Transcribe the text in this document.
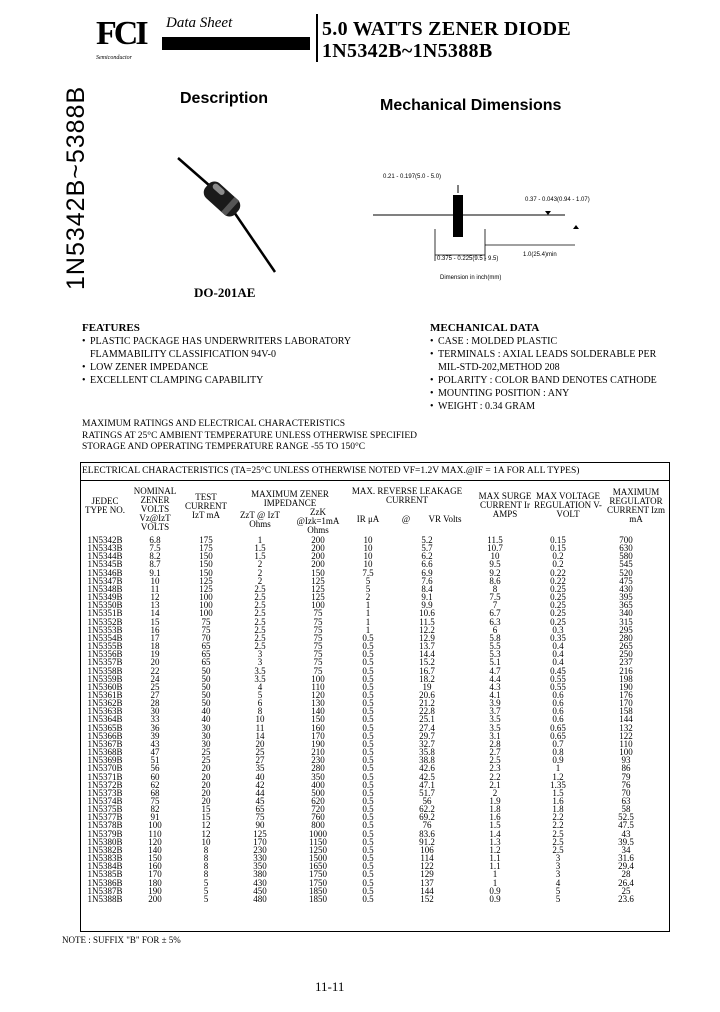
FCI
Semiconductor
Data Sheet	5.0 WATTS ZENER DIODE
1N5342B~1N5388B
1N5342B~5388B	Description	Mechanical Dimensions
DO-201AE
0.21 - 0.197(5.0 - 5.0)
0.37 - 0.043(0.94 - 1.07)
0.375 - 0.225(9.5 - 9.5)
1.0(25.4)min
Dimension in inch(mm)
FEATURES
• PLASTIC PACKAGE HAS UNDERWRITERS LABORATORY
FLAMMABILITY CLASSIFICATION 94V-0
• LOW ZENER IMPEDANCE
• EXCELLENT CLAMPING CAPABILITY
MECHANICAL DATA
• CASE : MOLDED PLASTIC
• TERMINALS : AXIAL LEADS SOLDERABLE PER
MIL-STD-202,METHOD 208
• POLARITY : COLOR BAND DENOTES CATHODE
• MOUNTING POSITION : ANY
• WEIGHT : 0.34 GRAM
MAXIMUM RATINGS AND ELECTRICAL CHARACTERISTICS
RATINGS AT 25°C AMBIENT TEMPERATURE UNLESS OTHERWISE SPECIFIED
STORAGE AND OPERATING TEMPERATURE RANGE -55 TO 150°C
ELECTRICAL CHARACTERISTICS (TA=25°C UNLESS OTHERWISE NOTED VF=1.2V MAX.@IF = 1A FOR ALL TYPES)
JEDEC TYPE NO.
NOMINAL ZENER VOLTS Vz@IzT VOLTS
TEST CURRENT IzT mA
MAXIMUM ZENER IMPEDANCE
ZzT @ IzT Ohms
ZzK @Izk=1mA Ohms
MAX. REVERSE LEAKAGE CURRENT
IR μA	@	VR Volts
MAX SURGE CURRENT Ir AMPS
MAX VOLTAGE REGULATION V-VOLT
MAXIMUM REGULATOR CURRENT Izm mA
1N5342B	6.8	175	1	200	10	5.2	11.5	0.15	700
1N5343B	7.5	175	1.5	200	10	5.7	10.7	0.15	630
1N5344B	8.2	150	1.5	200	10	6.2	10	0.2	580
1N5345B	8.7	150	2	200	10	6.6	9.5	0.2	545
1N5346B	9.1	150	2	150	7.5	6.9	9.2	0.22	520
1N5347B	10	125	2	125	5	7.6	8.6	0.22	475
1N5348B	11	125	2.5	125	5	8.4	8	0.25	430
1N5349B	12	100	2.5	125	2	9.1	7.5	0.25	395
1N5350B	13	100	2.5	100	1	9.9	7	0.25	365
1N5351B	14	100	2.5	75	1	10.6	6.7	0.25	340
1N5352B	15	75	2.5	75	1	11.5	6.3	0.25	315
1N5353B	16	75	2.5	75	1	12.2	6	0.3	295
1N5354B	17	70	2.5	75	0.5	12.9	5.8	0.35	280
1N5355B	18	65	2.5	75	0.5	13.7	5.5	0.4	265
1N5356B	19	65	3	75	0.5	14.4	5.3	0.4	250
1N5357B	20	65	3	75	0.5	15.2	5.1	0.4	237
1N5358B	22	50	3.5	75	0.5	16.7	4.7	0.45	216
1N5359B	24	50	3.5	100	0.5	18.2	4.4	0.55	198
1N5360B	25	50	4	110	0.5	19	4.3	0.55	190
1N5361B	27	50	5	120	0.5	20.6	4.1	0.6	176
1N5362B	28	50	6	130	0.5	21.2	3.9	0.6	170
1N5363B	30	40	8	140	0.5	22.8	3.7	0.6	158
1N5364B	33	40	10	150	0.5	25.1	3.5	0.6	144
1N5365B	36	30	11	160	0.5	27.4	3.5	0.65	132
1N5366B	39	30	14	170	0.5	29.7	3.1	0.65	122
1N5367B	43	30	20	190	0.5	32.7	2.8	0.7	110
1N5368B	47	25	25	210	0.5	35.8	2.7	0.8	100
1N5369B	51	25	27	230	0.5	38.8	2.5	0.9	93
1N5370B	56	20	35	280	0.5	42.6	2.3	1	86
1N5371B	60	20	40	350	0.5	42.5	2.2	1.2	79
1N5372B	62	20	42	400	0.5	47.1	2.1	1.35	76
1N5373B	68	20	44	500	0.5	51.7	2	1.5	70
1N5374B	75	20	45	620	0.5	56	1.9	1.6	63
1N5375B	82	15	65	720	0.5	62.2	1.8	1.8	58
1N5377B	91	15	75	760	0.5	69.2	1.6	2.2	52.5
1N5378B	100	12	90	800	0.5	76	1.5	2.2	47.5
1N5379B	110	12	125	1000	0.5	83.6	1.4	2.5	43
1N5380B	120	10	170	1150	0.5	91.2	1.3	2.5	39.5
1N5382B	140	8	230	1250	0.5	106	1.2	2.5	34
1N5383B	150	8	330	1500	0.5	114	1.1	3	31.6
1N5384B	160	8	350	1650	0.5	122	1.1	3	29.4
1N5385B	170	8	380	1750	0.5	129	1	3	28
1N5386B	180	5	430	1750	0.5	137	1	4	26.4
1N5387B	190	5	450	1850	0.5	144	0.9	5	25
1N5388B	200	5	480	1850	0.5	152	0.9	5	23.6
NOTE : SUFFIX "B" FOR ± 5%
11-11
